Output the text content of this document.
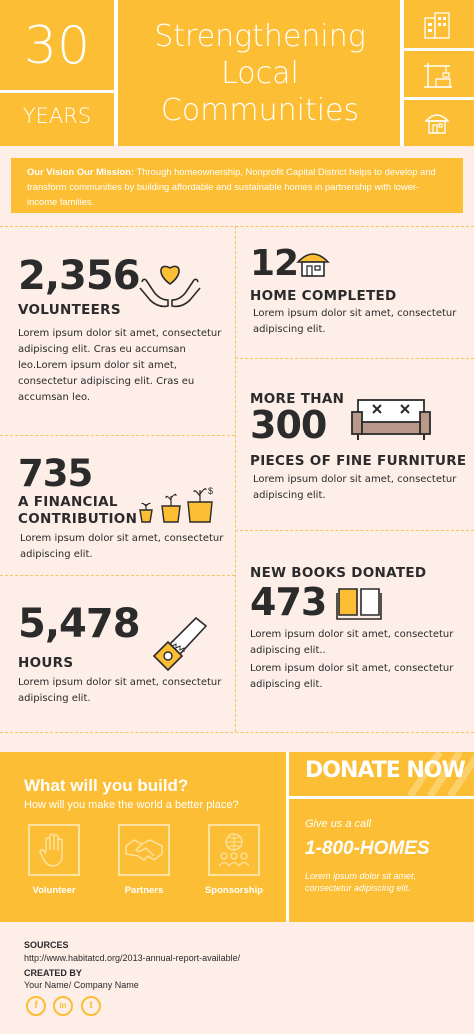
30
YEARS
Strengthening
Local
Communities
Our Vision Our Mission: Through homeownership, Nonprofit Capital District helps to develop and transform communities by building affordable and sustainable homes in partnership with lower-income families.
2,356
VOLUNTEERS
Lorem ipsum dolor sit amet, consectetur adipiscing elit. Cras eu accumsan leo.Lorem ipsum dolor sit amet, consectetur adipiscing elit. Cras eu accumsan leo.
12
HOME COMPLETED
Lorem ipsum dolor sit amet, consectetur adipiscing elit.
MORE THAN
300
PIECES OF FINE FURNITURE
Lorem ipsum dolor sit amet, consectetur adipiscing elit.
735
A FINANCIAL
CONTRIBUTION
$
Lorem ipsum dolor sit amet, consectetur adipiscing elit.
NEW BOOKS DONATED
473
Lorem ipsum dolor sit amet, consectetur adipiscing elit..
Lorem ipsum dolor sit amet, consectetur adipiscing elit.
5,478
HOURS
Lorem ipsum dolor sit amet, consectetur adipiscing elit.
What will you build?
How will you make the world a better place?
Volunteer	Partners	Sponsorship
DONATE NOW
Give us a call
1-800-HOMES
Lorem ipsum dolor sit amet, consectetur adipiscing elit.
SOURCES
http://www.habitatcd.org/2013-annual-report-available/
CREATED BY
Your Name/ Company Name
f	in	t
